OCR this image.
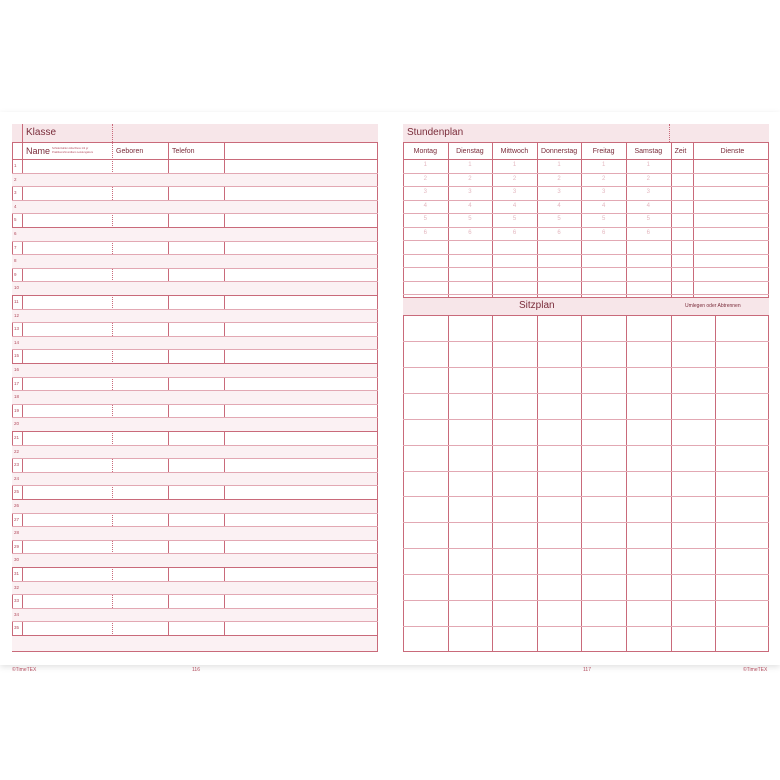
Klasse
Name Schülerzahlen Abschluss 1/2 gr
Praktikum/Grundkurs Leistungskurs	Geboren	Telefon
1
2
3
4
5
6
7
8
9
10
11
12
13
14
15
16
17
18
19
20
21
22
23
24
25
26
27
28
29
30
31
32
33
34
35
©TimeTEX	116
Stundenplan
Montag	Dienstag	Mittwoch	Donnerstag	Freitag	Samstag	Zeit	Dienste
1	1	1	1	1	1
2	2	2	2	2	2
3	3	3	3	3	3
4	4	4	4	4	4
5	5	5	5	5	5
6	6	6	6	6	6
Sitzplan	Umlegen oder Abtrennen
117	©TimeTEX
